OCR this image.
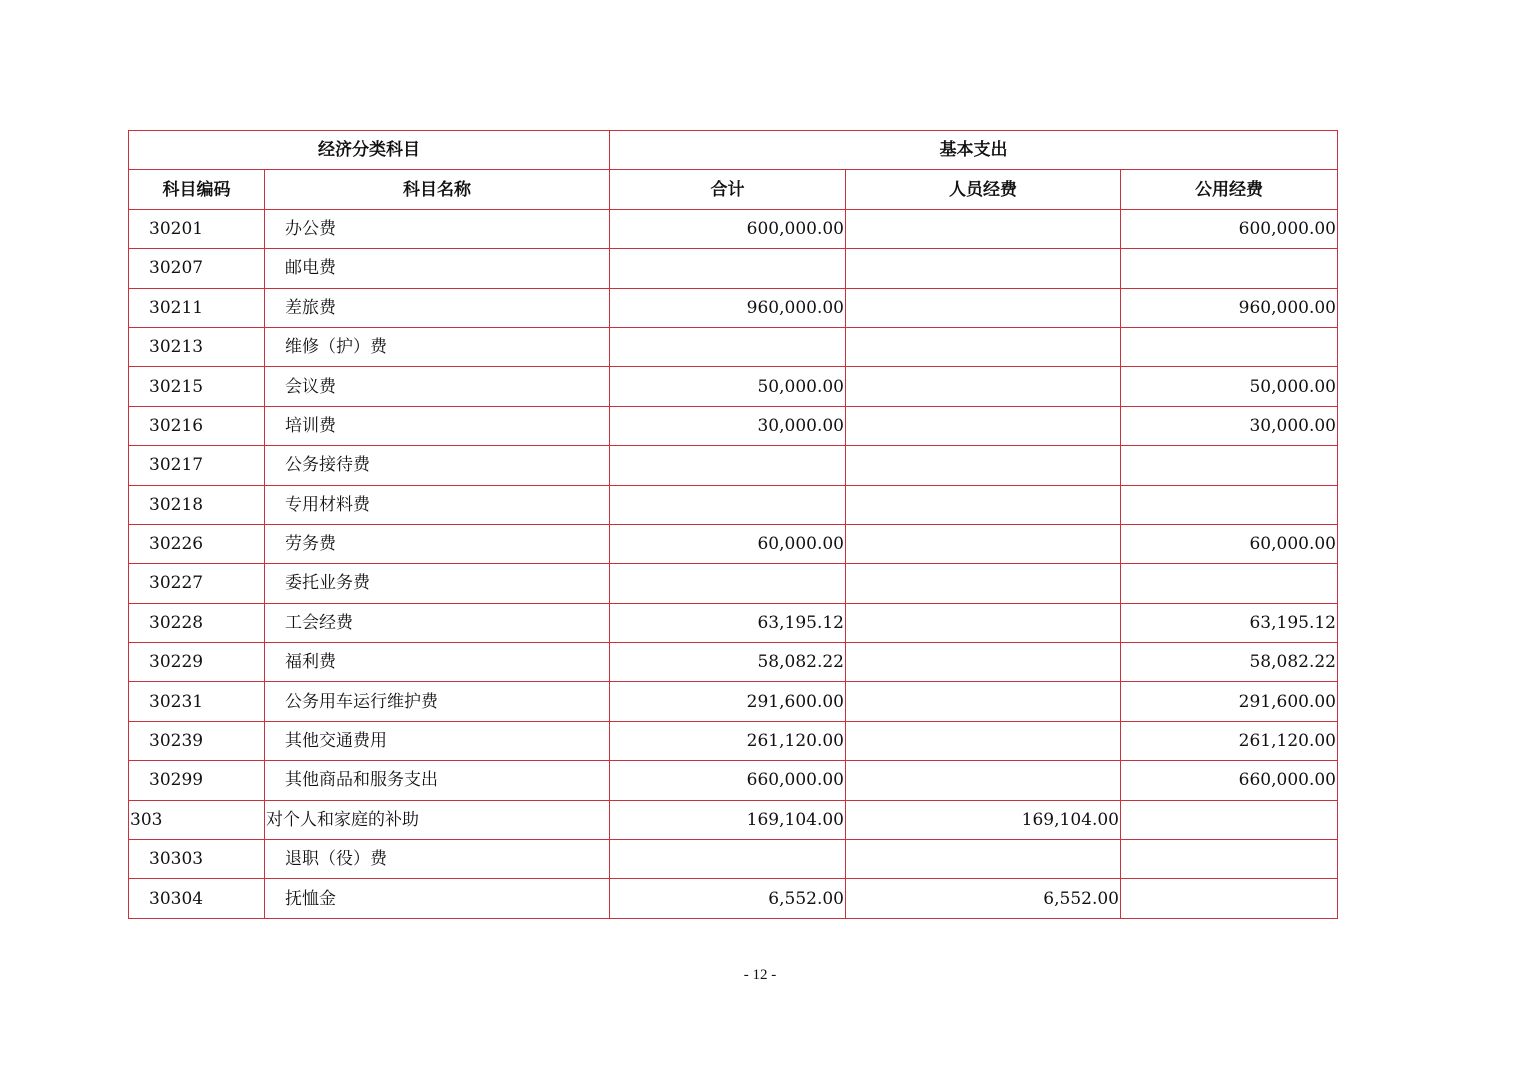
经济分类科目		基本支出		
科目编码	科目名称	合计	人员经费	公用经费
30201	办公费	600,000.00		600,000.00
30207	邮电费			
30211	差旅费	960,000.00		960,000.00
30213	维修（护）费			
30215	会议费	50,000.00		50,000.00
30216	培训费	30,000.00		30,000.00
30217	公务接待费			
30218	专用材料费			
30226	劳务费	60,000.00		60,000.00
30227	委托业务费			
30228	工会经费	63,195.12		63,195.12
30229	福利费	58,082.22		58,082.22
30231	公务用车运行维护费	291,600.00		291,600.00
30239	其他交通费用	261,120.00		261,120.00
30299	其他商品和服务支出	660,000.00		660,000.00
303	对个人和家庭的补助	169,104.00	169,104.00	
30303	退职（役）费			
30304	抚恤金	6,552.00	6,552.00	
- 12 -
